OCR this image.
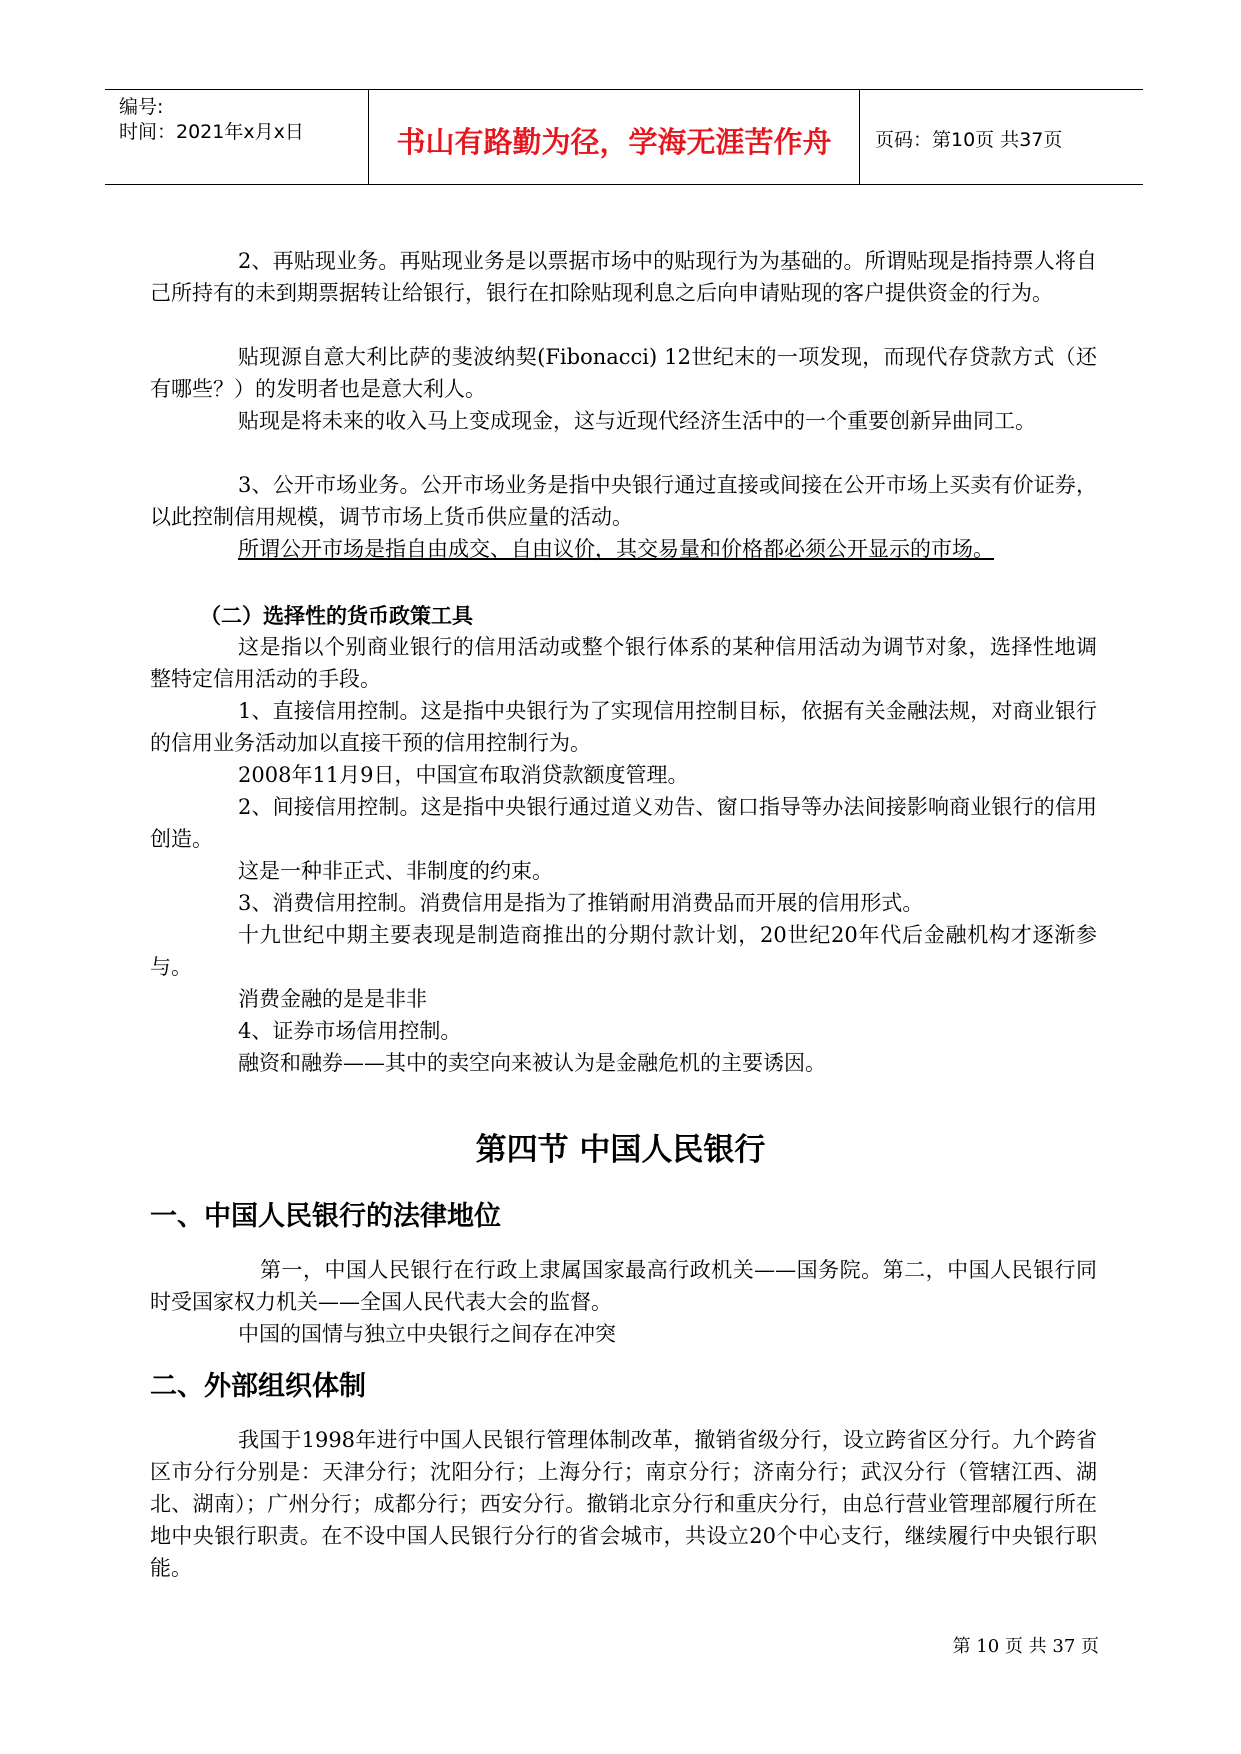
编号:
时间：2021年x月x日	书山有路勤为径，学海无涯苦作舟	页码：第10页 共37页
2、再贴现业务。再贴现业务是以票据市场中的贴现行为为基础的。所谓贴现是指持票人将自己所持有的未到期票据转让给银行，银行在扣除贴现利息之后向申请贴现的客户提供资金的行为。
贴现源自意大利比萨的斐波纳契(Fibonacci) 12世纪末的一项发现，而现代存贷款方式（还有哪些？）的发明者也是意大利人。
贴现是将未来的收入马上变成现金，这与近现代经济生活中的一个重要创新异曲同工。
3、公开市场业务。公开市场业务是指中央银行通过直接或间接在公开市场上买卖有价证券，以此控制信用规模，调节市场上货币供应量的活动。
所谓公开市场是指自由成交、自由议价，其交易量和价格都必须公开显示的市场。
（二）选择性的货币政策工具
这是指以个别商业银行的信用活动或整个银行体系的某种信用活动为调节对象，选择性地调整特定信用活动的手段。
1、直接信用控制。这是指中央银行为了实现信用控制目标，依据有关金融法规，对商业银行的信用业务活动加以直接干预的信用控制行为。
2008年11月9日，中国宣布取消贷款额度管理。
2、间接信用控制。这是指中央银行通过道义劝告、窗口指导等办法间接影响商业银行的信用创造。
这是一种非正式、非制度的约束。
3、消费信用控制。消费信用是指为了推销耐用消费品而开展的信用形式。
十九世纪中期主要表现是制造商推出的分期付款计划，20世纪20年代后金融机构才逐渐参与。
消费金融的是是非非
4、证券市场信用控制。
融资和融券——其中的卖空向来被认为是金融危机的主要诱因。
第四节 中国人民银行
一、中国人民银行的法律地位
第一，中国人民银行在行政上隶属国家最高行政机关——国务院。第二，中国人民银行同时受国家权力机关——全国人民代表大会的监督。
中国的国情与独立中央银行之间存在冲突
二、外部组织体制
我国于1998年进行中国人民银行管理体制改革，撤销省级分行，设立跨省区分行。九个跨省区市分行分别是：天津分行；沈阳分行；上海分行；南京分行；济南分行；武汉分行（管辖江西、湖北、湖南）；广州分行；成都分行；西安分行。撤销北京分行和重庆分行，由总行营业管理部履行所在地中央银行职责。在不设中国人民银行分行的省会城市，共设立20个中心支行，继续履行中央银行职能。
第 10 页 共 37 页
